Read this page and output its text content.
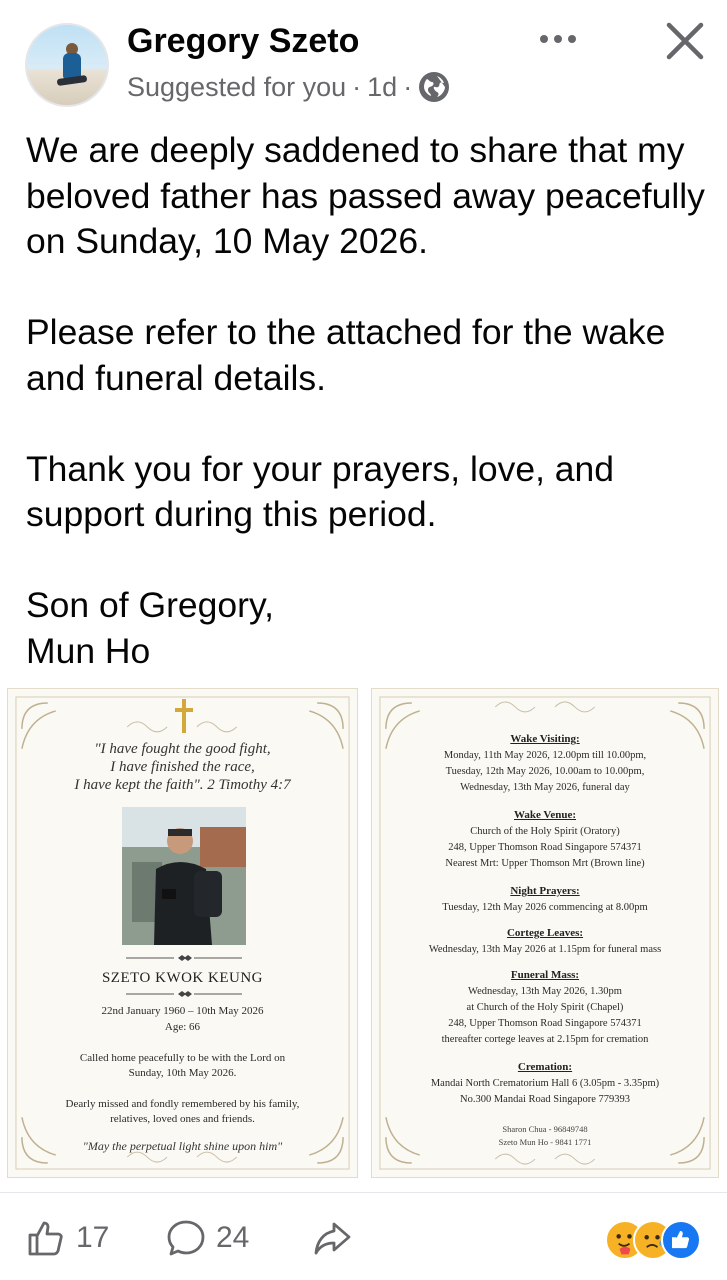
Gregory Szeto
Suggested for you · 1d ·

We are deeply saddened to share that my beloved father has passed away peacefully on Sunday, 10 May 2026.

Please refer to the attached for the wake and funeral details.

Thank you for your prayers, love, and support during this period.

Son of Gregory,
Mun Ho

"I have fought the good fight,
I have finished the race,
I have kept the faith". 2 Timothy 4:7
SZETO KWOK KEUNG
22nd January 1960 – 10th May 2026
Age: 66
Called home peacefully to be with the Lord on
Sunday, 10th May 2026.
Dearly missed and fondly remembered by his family,
relatives, loved ones and friends.
"May the perpetual light shine upon him"
Wake Visiting:
Monday, 11th May 2026, 12.00pm till 10.00pm,
Tuesday, 12th May 2026, 10.00am to 10.00pm,
Wednesday, 13th May 2026, funeral day
Wake Venue:
Church of the Holy Spirit (Oratory)
248, Upper Thomson Road Singapore 574371
Nearest Mrt: Upper Thomson Mrt (Brown line)
Night Prayers:
Tuesday, 12th May 2026 commencing at 8.00pm
Cortege Leaves:
Wednesday, 13th May 2026 at 1.15pm for funeral mass
Funeral Mass:
Wednesday, 13th May 2026, 1.30pm
at Church of the Holy Spirit (Chapel)
248, Upper Thomson Road Singapore 574371
thereafter cortege leaves at 2.15pm for cremation
Cremation:
Mandai North Crematorium Hall 6 (3.05pm - 3.35pm)
No.300 Mandai Road Singapore 779393
Sharon Chua - 96849748
Szeto Mun Ho - 9841 1771
17	24
